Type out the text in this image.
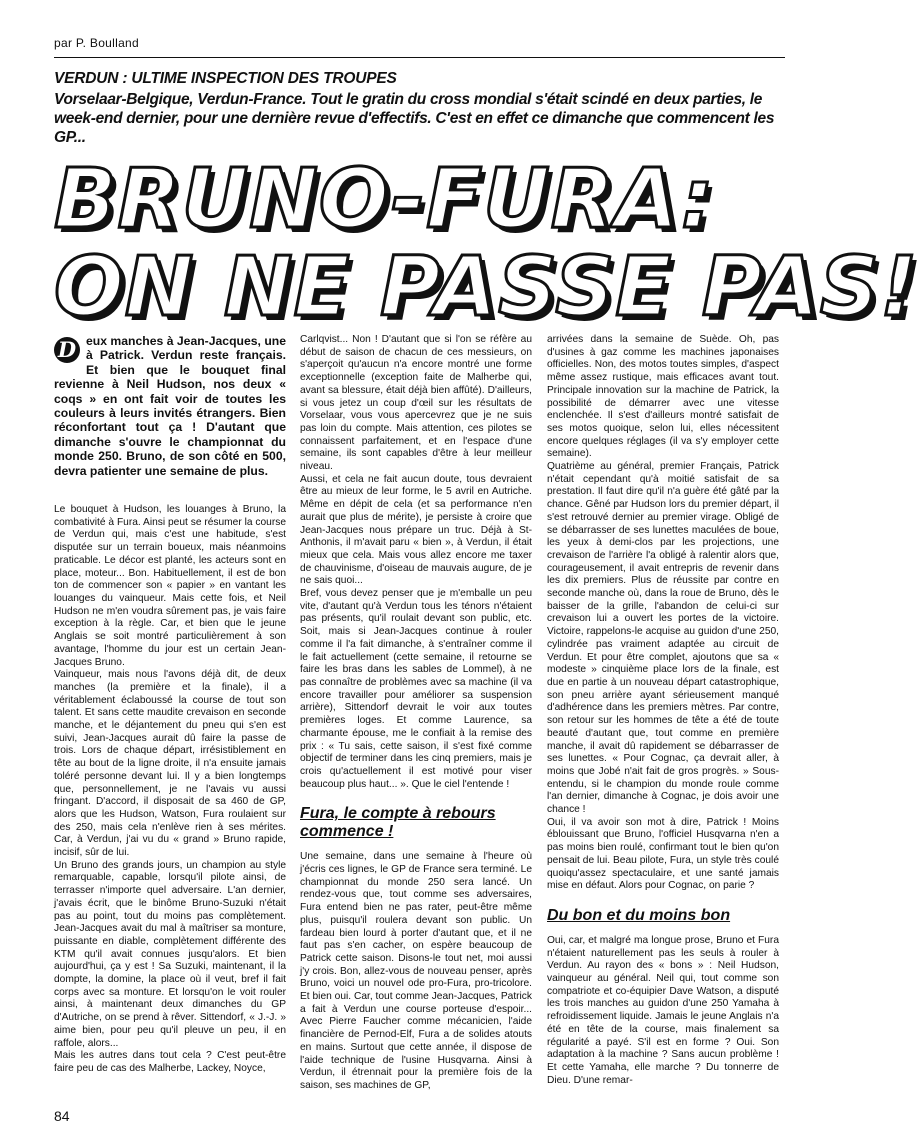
par P. Boulland
VERDUN : ULTIME INSPECTION DES TROUPES
Vorselaar-Belgique, Verdun-France. Tout le gratin du cross mondial s'était scindé en deux parties, le week-end dernier, pour une dernière revue d'effectifs. C'est en effet ce dimanche que commencent les GP...
BRUNO-FURA:
ON NE PASSE PAS!

D eux manches à Jean-Jacques, une à Patrick. Verdun reste français. Et bien que le bouquet final revienne à Neil Hudson, nos deux « coqs » en ont fait voir de toutes les couleurs à leurs invités étrangers. Bien réconfortant tout ça ! D'autant que dimanche s'ouvre le championnat du monde 250. Bruno, de son côté en 500, devra patienter une semaine de plus.

Le bouquet à Hudson, les louanges à Bruno, la combativité à Fura. Ainsi peut se résumer la course de Verdun qui, mais c'est une habitude, s'est disputée sur un terrain boueux, mais néanmoins praticable. Le décor est planté, les acteurs sont en place, moteur... Bon. Habituellement, il est de bon ton de commencer son « papier » en vantant les louanges du vainqueur. Mais cette fois, et Neil Hudson ne m'en voudra sûrement pas, je vais faire exception à la règle. Car, et bien que le jeune Anglais se soit montré particulièrement à son avantage, l'homme du jour est un certain Jean-Jacques Bruno.

Vainqueur, mais nous l'avons déjà dit, de deux manches (la première et la finale), il a véritablement éclaboussé la course de tout son talent. Et sans cette maudite crevaison en seconde manche, et le déjantement du pneu qui s'en est suivi, Jean-Jacques aurait dû faire la passe de trois. Lors de chaque départ, irrésistiblement en tête au bout de la ligne droite, il n'a ensuite jamais toléré personne devant lui. Il y a bien longtemps que, personnellement, je ne l'avais vu aussi fringant. D'accord, il disposait de sa 460 de GP, alors que les Hudson, Watson, Fura roulaient sur des 250, mais cela n'enlève rien à ses mérites. Car, à Verdun, j'ai vu du « grand » Bruno rapide, incisif, sûr de lui.

Un Bruno des grands jours, un champion au style remarquable, capable, lorsqu'il pilote ainsi, de terrasser n'importe quel adversaire. L'an dernier, j'avais écrit, que le binôme Bruno-Suzuki n'était pas au point, tout du moins pas complètement. Jean-Jacques avait du mal à maîtriser sa monture, puissante en diable, complètement différente des KTM qu'il avait connues jusqu'alors. Et bien aujourd'hui, ça y est ! Sa Suzuki, maintenant, il la dompte, la domine, la place où il veut, bref il fait corps avec sa monture. Et lorsqu'on le voit rouler ainsi, à maintenant deux dimanches du GP d'Autriche, on se prend à rêver. Sittendorf, « J.-J. » aime bien, pour peu qu'il pleuve un peu, il en raffole, alors...

Mais les autres dans tout cela ? C'est peut-être faire peu de cas des Malherbe, Lackey, Noyce,

Carlqvist... Non ! D'autant que si l'on se réfère au début de saison de chacun de ces messieurs, on s'aperçoit qu'aucun n'a encore montré une forme exceptionnelle (exception faite de Malherbe qui, avant sa blessure, était déjà bien affûté). D'ailleurs, si vous jetez un coup d'œil sur les résultats de Vorselaar, vous vous apercevrez que je ne suis pas loin du compte. Mais attention, ces pilotes se connaissent parfaitement, et en l'espace d'une semaine, ils sont capables d'être à leur meilleur niveau.

Aussi, et cela ne fait aucun doute, tous devraient être au mieux de leur forme, le 5 avril en Autriche. Même en dépit de cela (et sa performance n'en aurait que plus de mérite), je persiste à croire que Jean-Jacques nous prépare un truc. Déjà à St-Anthonis, il m'avait paru « bien », à Verdun, il était mieux que cela. Mais vous allez encore me taxer de chauvinisme, d'oiseau de mauvais augure, de je ne sais quoi...

Bref, vous devez penser que je m'emballe un peu vite, d'autant qu'à Verdun tous les ténors n'étaient pas présents, qu'il roulait devant son public, etc. Soit, mais si Jean-Jacques continue à rouler comme il l'a fait dimanche, à s'entraîner comme il le fait actuellement (cette semaine, il retourne se faire les bras dans les sables de Lommel), à ne pas connaître de problèmes avec sa machine (il va encore travailler pour améliorer sa suspension arrière), Sittendorf devrait le voir aux toutes premières loges. Et comme Laurence, sa charmante épouse, me le confiait à la remise des prix : « Tu sais, cette saison, il s'est fixé comme objectif de terminer dans les cinq premiers, mais je crois qu'actuellement il est motivé pour viser beaucoup plus haut... ». Que le ciel l'entende !

Fura, le compte à rebours commence !

Une semaine, dans une semaine à l'heure où j'écris ces lignes, le GP de France sera terminé. Le championnat du monde 250 sera lancé. Un rendez-vous que, tout comme ses adversaires, Fura entend bien ne pas rater, peut-être même plus, puisqu'il roulera devant son public. Un fardeau bien lourd à porter d'autant que, et il ne faut pas s'en cacher, on espère beaucoup de Patrick cette saison. Disons-le tout net, moi aussi j'y crois. Bon, allez-vous de nouveau penser, après Bruno, voici un nouvel ode pro-Fura, pro-tricolore. Et bien oui. Car, tout comme Jean-Jacques, Patrick a fait à Verdun une course porteuse d'espoir... Avec Pierre Faucher comme mécanicien, l'aide financière de Pernod-Elf, Fura a de solides atouts en mains. Surtout que cette année, il dispose de l'aide technique de l'usine Husqvarna. Ainsi à Verdun, il étrennait pour la première fois de la saison, ses machines de GP,

arrivées dans la semaine de Suède. Oh, pas d'usines à gaz comme les machines japonaises officielles. Non, des motos toutes simples, d'aspect même assez rustique, mais efficaces avant tout. Principale innovation sur la machine de Patrick, la possibilité de démarrer avec une vitesse enclenchée. Il s'est d'ailleurs montré satisfait de ses motos quoique, selon lui, elles nécessitent encore quelques réglages (il va s'y employer cette semaine).

Quatrième au général, premier Français, Patrick n'était cependant qu'à moitié satisfait de sa prestation. Il faut dire qu'il n'a guère été gâté par la chance. Gêné par Hudson lors du premier départ, il s'est retrouvé dernier au premier virage. Obligé de se débarrasser de ses lunettes maculées de boue, les yeux à demi-clos par les projections, une crevaison de l'arrière l'a obligé à ralentir alors que, courageusement, il avait entrepris de revenir dans les dix premiers. Plus de réussite par contre en seconde manche où, dans la roue de Bruno, dès le baisser de la grille, l'abandon de celui-ci sur crevaison lui a ouvert les portes de la victoire. Victoire, rappelons-le acquise au guidon d'une 250, cylindrée pas vraiment adaptée au circuit de Verdun. Et pour être complet, ajoutons que sa « modeste » cinquième place lors de la finale, est due en partie à un nouveau départ catastrophique, son pneu arrière ayant sérieusement manqué d'adhérence dans les premiers mètres. Par contre, son retour sur les hommes de tête a été de toute beauté d'autant que, tout comme en première manche, il avait dû rapidement se débarrasser de ses lunettes. « Pour Cognac, ça devrait aller, à moins que Jobé n'ait fait de gros progrès. » Sous-entendu, si le champion du monde roule comme l'an dernier, dimanche à Cognac, je dois avoir une chance !

Oui, il va avoir son mot à dire, Patrick ! Moins éblouissant que Bruno, l'officiel Husqvarna n'en a pas moins bien roulé, confirmant tout le bien qu'on pensait de lui. Beau pilote, Fura, un style très coulé quoiqu'assez spectaculaire, et une santé jamais mise en défaut. Alors pour Cognac, on parie ?

Du bon et du moins bon

Oui, car, et malgré ma longue prose, Bruno et Fura n'étaient naturellement pas les seuls à rouler à Verdun. Au rayon des « bons » : Neil Hudson, vainqueur au général. Neil qui, tout comme son compatriote et co-équipier Dave Watson, a disputé les trois manches au guidon d'une 250 Yamaha à refroidissement liquide. Jamais le jeune Anglais n'a été en tête de la course, mais finalement sa régularité a payé. S'il est en forme ? Oui. Son adaptation à la machine ? Sans aucun problème ! Et cette Yamaha, elle marche ? Du tonnerre de Dieu. D'une remar-

84
